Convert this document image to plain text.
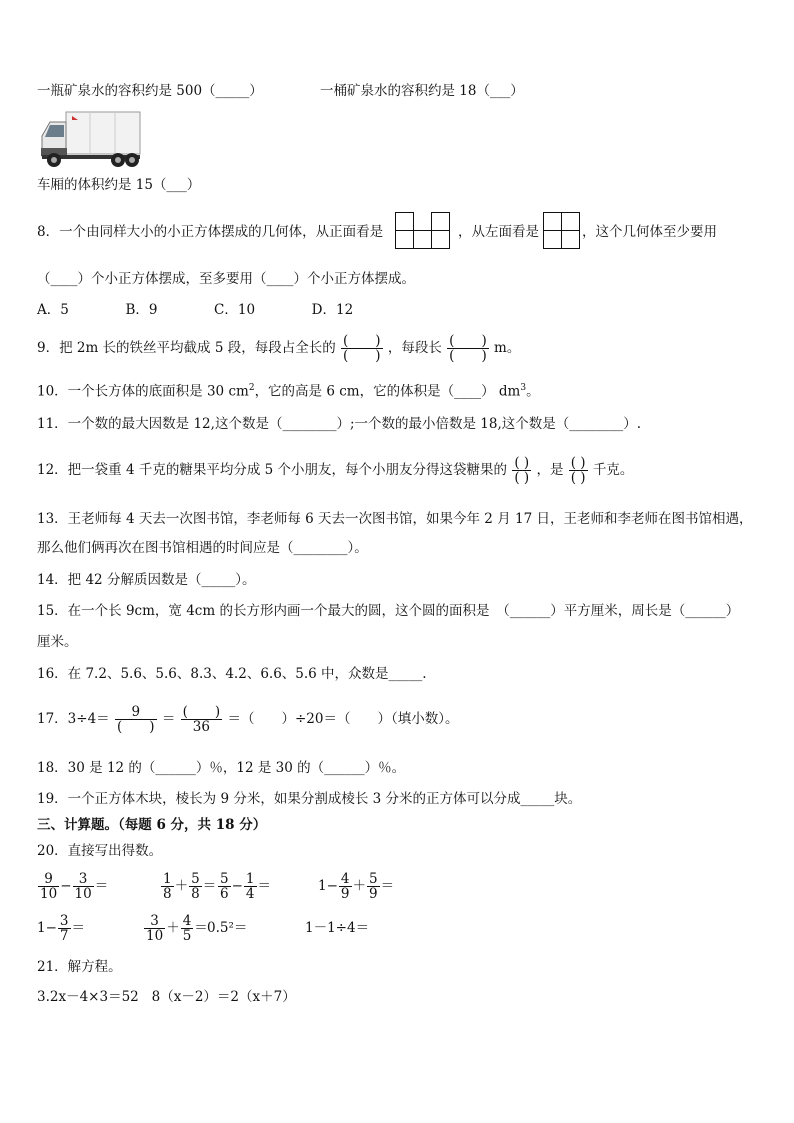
一瓶矿泉水的容积约是 500（_____）	一桶矿泉水的容积约是 18（___）
车厢的体积约是 15（___）
8．一个由同样大小的小正方体摆成的几何体，从正面看是

			，从左面看是

		，这个几何体至少要用
（____）个小正方体摆成，至多要用（____）个小正方体摆成。
A．5	B．9	C．10	D．12
9．把 2m 长的铁丝平均截成 5 段，每段占全长的 $\frac{( )}{( )}$ ，每段长 $\frac{( )}{( )}$ m。
10．一个长方体的底面积是 30 $cm^2$，它的高是 6 cm，它的体积是（____） $dm^3$。
11．一个数的最大因数是 12,这个数是（________）;一个数的最小倍数是 18,这个数是（________）.
12．把一袋重 4 千克的糖果平均分成 5 个小朋友，每个小朋友分得这袋糖果的 $\frac{( )}{( )}$ ，是 $\frac{( )}{( )}$ 千克。
13．王老师每 4 天去一次图书馆，李老师每 6 天去一次图书馆，如果今年 2 月 17 日，王老师和李老师在图书馆相遇，
那么他们俩再次在图书馆相遇的时间应是（________）。
14．把 42 分解质因数是（_____）。
15．在一个长 9cm，宽 4cm 的长方形内画一个最大的圆，这个圆的面积是　（______）平方厘米，周长是（______）
厘米。
16．在 7.2、5.6、5.6、8.3、4.2、6.6、5.6 中，众数是_____.
17．$3\div 4= \frac{9}{( )} = \frac{( )}{36}$ ＝（　　）÷20＝（　　）（填小数）。
18．30 是 12 的（______）％，12 是 30 的（______）％。
19．一个正方体木块，棱长为 9 分米，如果分割成棱长 3 分米的正方体可以分成_____块。
三、计算题。（每题 6 分，共 18 分）
20．直接写出得数。
$\frac{9}{10} - \frac{3}{10}$ ＝	$\frac{1}{8} + \frac{5}{8} = \frac{5}{6} - \frac{1}{4}$ ＝	$1- \frac{4}{9} + \frac{5}{9}$ ＝
$1- \frac{3}{7}$ ＝	$\frac{3}{10} + \frac{4}{5} = 0.5^2=$	1－1÷4＝
21．解方程。
3.2x－4×3＝52 8（x－2）＝2（x＋7）
